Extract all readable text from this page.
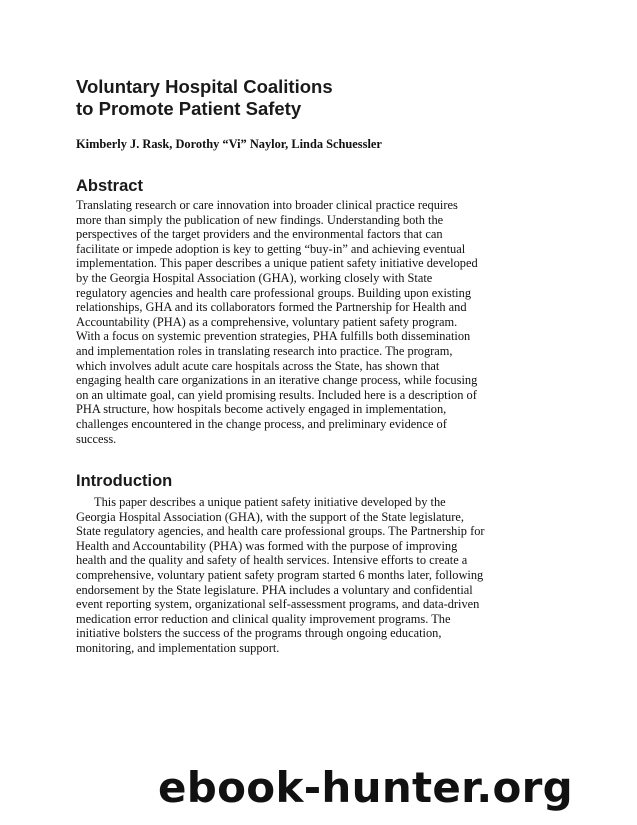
Voluntary Hospital Coalitions
to Promote Patient Safety
Kimberly J. Rask, Dorothy “Vi” Naylor, Linda Schuessler
Abstract
Translating research or care innovation into broader clinical practice requires
more than simply the publication of new findings. Understanding both the
perspectives of the target providers and the environmental factors that can
facilitate or impede adoption is key to getting “buy-in” and achieving eventual
implementation. This paper describes a unique patient safety initiative developed
by the Georgia Hospital Association (GHA), working closely with State
regulatory agencies and health care professional groups. Building upon existing
relationships, GHA and its collaborators formed the Partnership for Health and
Accountability (PHA) as a comprehensive, voluntary patient safety program.
With a focus on systemic prevention strategies, PHA fulfills both dissemination
and implementation roles in translating research into practice. The program,
which involves adult acute care hospitals across the State, has shown that
engaging health care organizations in an iterative change process, while focusing
on an ultimate goal, can yield promising results. Included here is a description of
PHA structure, how hospitals become actively engaged in implementation,
challenges encountered in the change process, and preliminary evidence of
success.
Introduction
This paper describes a unique patient safety initiative developed by the
Georgia Hospital Association (GHA), with the support of the State legislature,
State regulatory agencies, and health care professional groups. The Partnership for
Health and Accountability (PHA) was formed with the purpose of improving
health and the quality and safety of health services. Intensive efforts to create a
comprehensive, voluntary patient safety program started 6 months later, following
endorsement by the State legislature. PHA includes a voluntary and confidential
event reporting system, organizational self-assessment programs, and data-driven
medication error reduction and clinical quality improvement programs. The
initiative bolsters the success of the programs through ongoing education,
monitoring, and implementation support.
ebook-hunter.org
